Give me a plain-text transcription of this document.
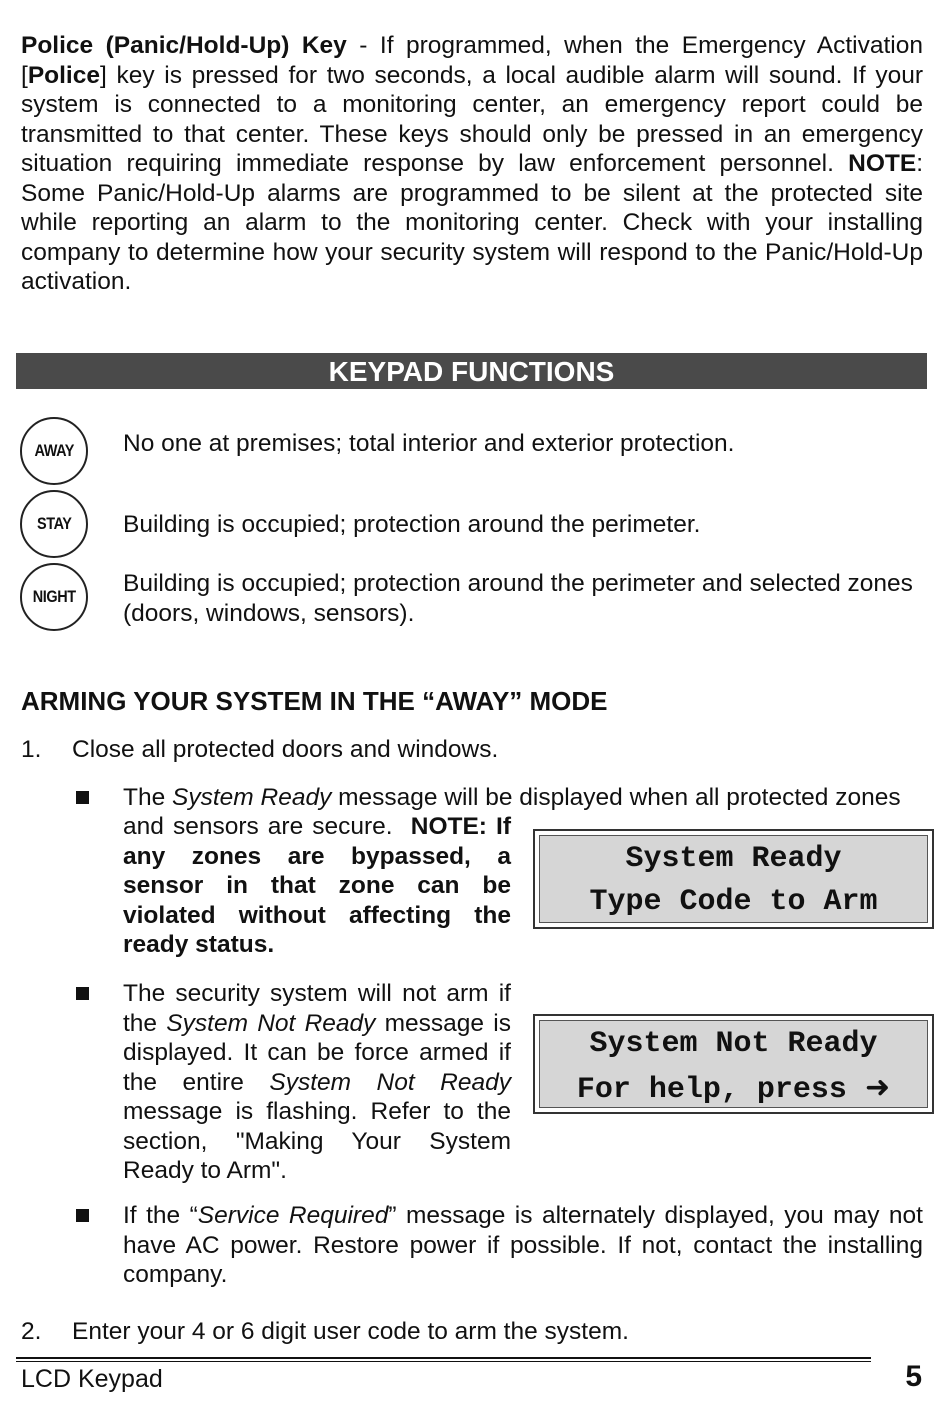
Police (Panic/Hold-Up) Key - If programmed, when the Emergency Activation [Police] key is pressed for two seconds, a local audible alarm will sound. If your system is connected to a monitoring center, an emergency report could be transmitted to that center. These keys should only be pressed in an emergency situation requiring immediate response by law enforcement personnel. NOTE: Some Panic/Hold-Up alarms are programmed to be silent at the protected site while reporting an alarm to the monitoring center. Check with your installing company to determine how your security system will respond to the Panic/Hold-Up activation.
KEYPAD FUNCTIONS
AWAY No one at premises; total interior and exterior protection.
STAY Building is occupied; protection around the perimeter.
NIGHT Building is occupied; protection around the perimeter and selected zones (doors, windows, sensors).
ARMING YOUR SYSTEM IN THE “AWAY” MODE
1. Close all protected doors and windows.
The System Ready message will be displayed when all protected zones
and sensors are secure.  NOTE: If any zones are bypassed, a sensor in that zone can be violated without affecting the ready status.
System Ready
Type Code to Arm
The security system will not arm if the System Not Ready message is displayed. It can be force armed if the entire System Not Ready message is flashing. Refer to the section, "Making Your System Ready to Arm".
System Not Ready
For help, press ➜
If the “Service Required” message is alternately displayed, you may not have AC power. Restore power if possible. If not, contact the installing company.
2. Enter your 4 or 6 digit user code to arm the system.
LCD Keypad	5
